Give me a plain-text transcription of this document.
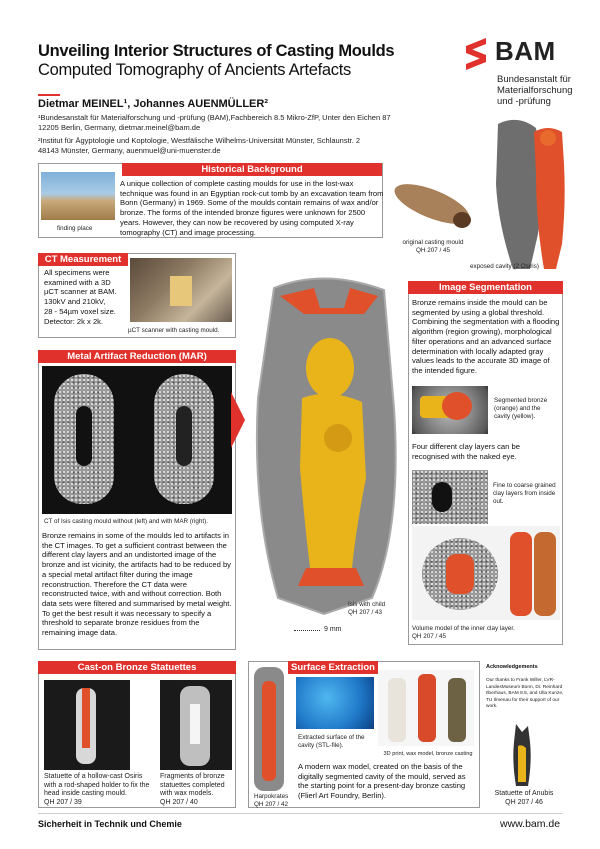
Unveiling Interior Structures of Casting Moulds
Computed Tomography of Ancients Artefacts
BAM
Bundesanstalt für
Materialforschung
und -prüfung
Dietmar MEINEL¹, Johannes AUENMÜLLER²
¹Bundesanstalt für Materialforschung und -prüfung (BAM),Fachbereich 8.5 Mikro-ZfP, Unter den Eichen 87
12205 Berlin, Germany, dietmar.meinel@bam.de
²Institut für Ägyptologie und Koptologie, Westfälische Wilhelms-Universität Münster, Schlaunstr. 2
48143 Münster, Germany, auenmuel@uni-muenster.de
finding place
Historical Background
A unique collection of complete casting moulds for use in the lost-wax technique was found in an Egyptian rock-cut tomb by an excavation team from Bonn (Germany) in 1969. Some of the moulds contain remains of wax and/or bronze. The forms of the intended bronze figures were unknown for 2500 years. However, they can now be recovered by using computed X-ray tomography (CT) and image processing.
original casting mould
QH 207 / 45
exposed cavity (2 Osiris)
CT Measurement
All specimens were
examined with a 3D
µCT scanner at BAM.
130kV and 210kV,
28 - 54µm voxel size.
Detector: 2k x 2k.
µCT scanner with casting mould.
Metal Artifact Reduction (MAR)
CT of Isis casting mould without (left) and with MAR (right).
Bronze remains in some of the moulds led to artifacts in the CT images. To get a sufficient contrast between the different clay layers and an undistorted image of the bronze and ist vicinity, the artifacts had to be reduced by a special metal artifact filter during the image reconstruction. Therefore the CT data were reconstructed twice, with and without correction. Both data sets were filtered and summarised by metal weight. To get the best result it was necessary to specify a threshold to separate bronze residues from the remaining image data.
Isis with child
QH 207 / 43
9 mm
Image Segmentation
Bronze remains inside the mould can be segmented by using a global threshold. Combining the segmentation with a flooding algorithm (region growing), morphological filter operations and an advanced surface determination with locally adapted gray values leads to the accurate 3D image of the intended figure.
Segmented bronze (orange) and the cavity (yellow).
Four different clay layers can be recognised with the naked eye.
Fine to coarse grained clay layers from inside out.
Volume model of the inner clay layer.
QH 207 / 45
Cast-on Bronze Statuettes
Statuette of a hollow-cast Osiris with a rod-shaped holder to fix the head inside casting mould.
QH 207 / 39
Fragments of bronze statuettes completed with wax models.
QH 207 / 40
Surface Extraction
Harpokrates
QH 207 / 42
Extracted surface of the cavity (STL-file).
3D print, wax model, bronze casting
A modern wax model, created on the basis of the digitally segmented cavity of the mould, served as the starting point for a present-day bronze casting (Flierl Art Foundry, Berlin).
Acknowledgements
Our thanks to Frank Willer, LVR-LandesMuseum Bonn, Dr. Reinhard Ilberhaus, BAM 8.5, and Ulla Kunze, TU Ilmenau for their support of our work.
Statuette of Anubis
QH 207 / 46
Sicherheit in Technik und Chemie	www.bam.de
